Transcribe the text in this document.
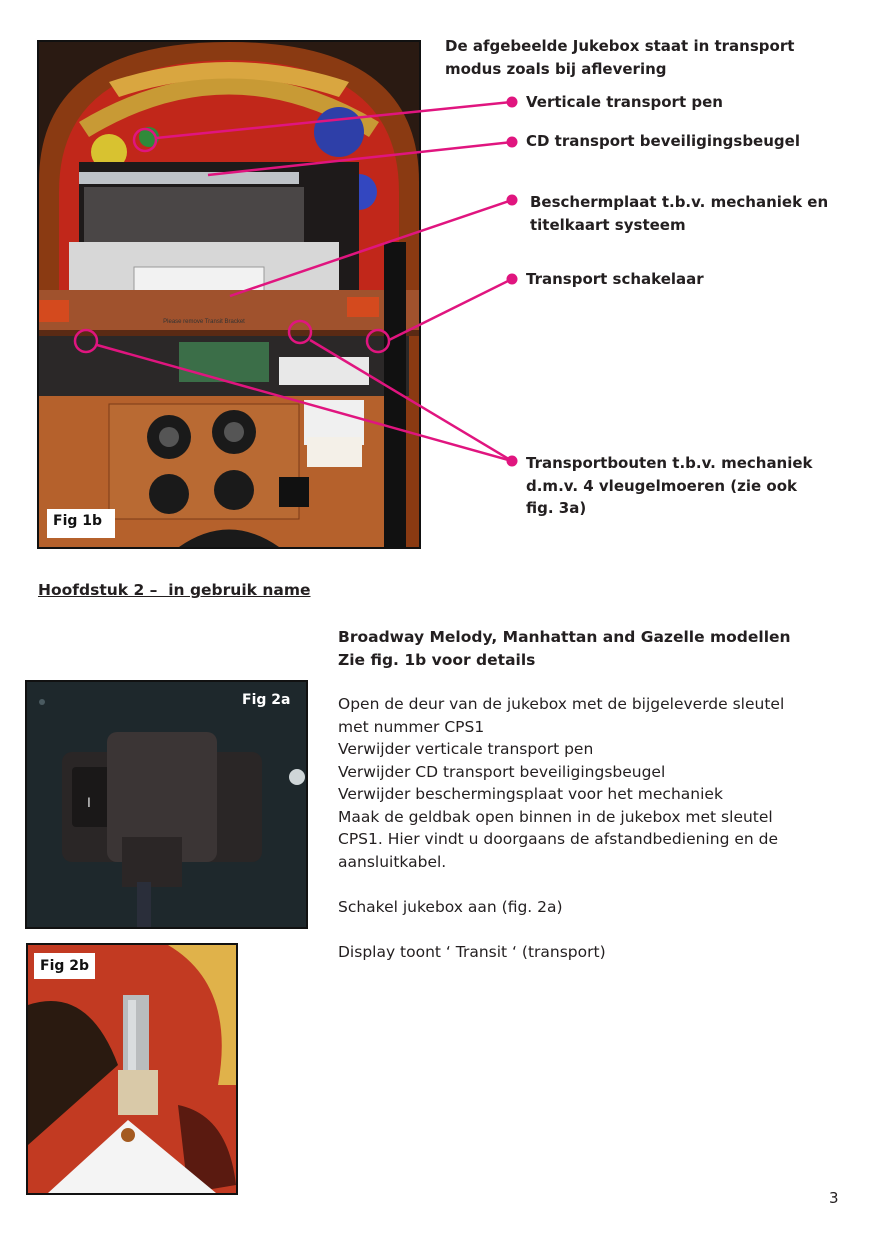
Please remove Transit Bracket
Fig 1b
De afgebeelde Jukebox staat in transport
modus zoals bij aflevering
Verticale transport pen
CD transport beveiligingsbeugel
Beschermplaat t.b.v. mechaniek en
titelkaart systeem
Transport schakelaar
Transportbouten t.b.v. mechaniek
d.m.v. 4 vleugelmoeren (zie ook
fig. 3a)
Hoofdstuk 2 –  in gebruik name
I
Fig 2a
Fig 2b
Broadway Melody, Manhattan and Gazelle modellen
Zie fig. 1b voor details
Open de deur van de jukebox met de bijgeleverde sleutel
met nummer CPS1
Verwijder verticale transport pen
Verwijder CD transport beveiligingsbeugel
Verwijder beschermingsplaat voor het mechaniek
Maak de geldbak open binnen in de jukebox met sleutel
CPS1. Hier vindt u doorgaans de afstandbediening en de
aansluitkabel.
Schakel jukebox aan (fig. 2a)
Display toont ‘ Transit ‘ (transport)
3
